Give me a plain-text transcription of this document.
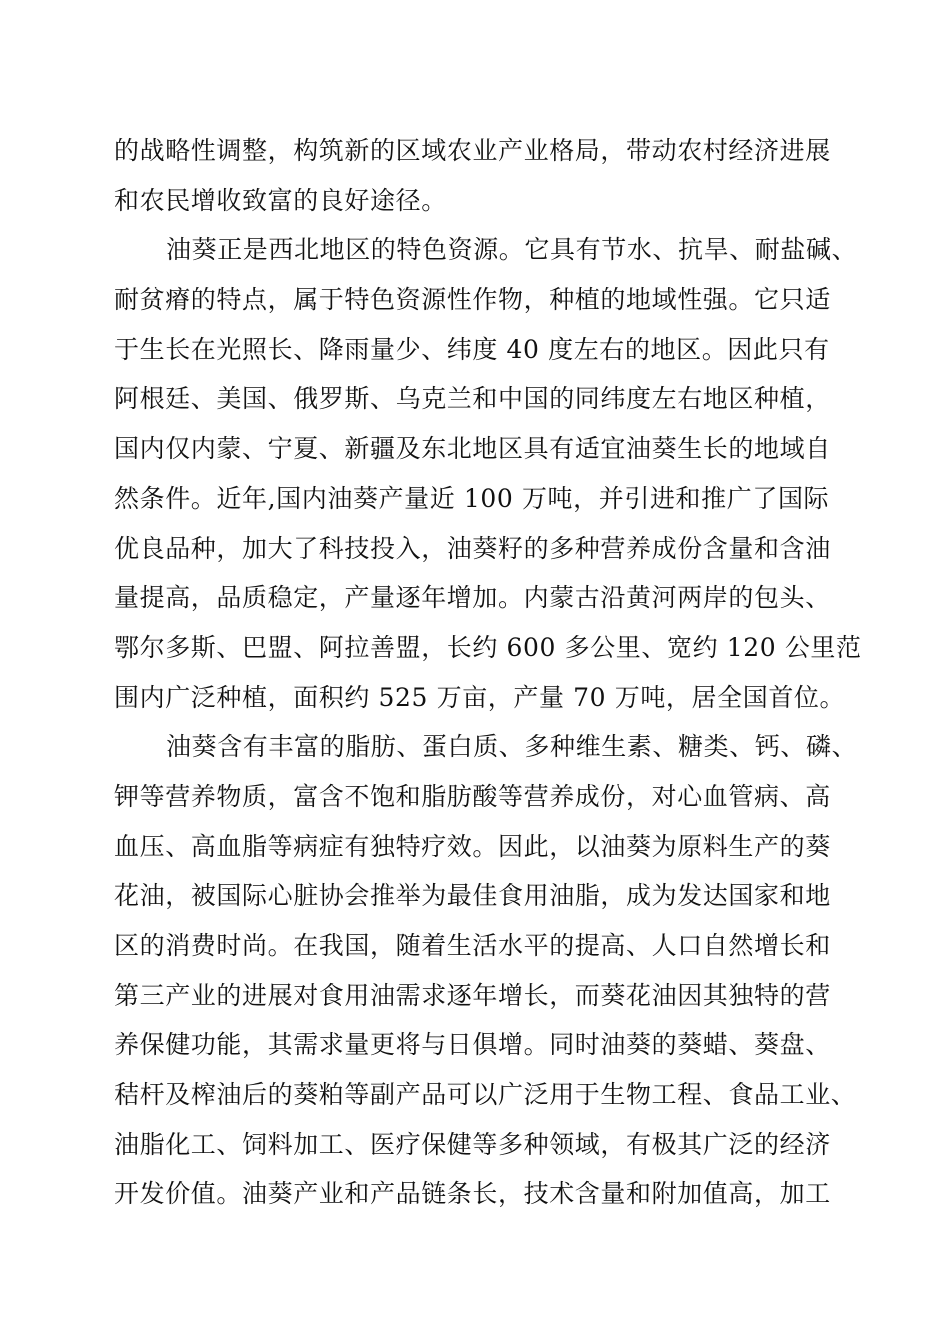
的战略性调整，构筑新的区域农业产业格局，带动农村经济进展
和农民增收致富的良好途径。
油葵正是西北地区的特色资源。它具有节水、抗旱、耐盐碱、
耐贫瘠的特点，属于特色资源性作物，种植的地域性强。它只适
于生长在光照长、降雨量少、纬度 40 度左右的地区。因此只有
阿根廷、美国、俄罗斯、乌克兰和中国的同纬度左右地区种植，
国内仅内蒙、宁夏、新疆及东北地区具有适宜油葵生长的地域自
然条件。近年,国内油葵产量近 100 万吨，并引进和推广了国际
优良品种，加大了科技投入，油葵籽的多种营养成份含量和含油
量提高，品质稳定，产量逐年增加。内蒙古沿黄河两岸的包头、
鄂尔多斯、巴盟、阿拉善盟，长约 600 多公里、宽约 120 公里范
围内广泛种植，面积约 525 万亩，产量 70 万吨，居全国首位。
油葵含有丰富的脂肪、蛋白质、多种维生素、糖类、钙、磷、
钾等营养物质，富含不饱和脂肪酸等营养成份，对心血管病、高
血压、高血脂等病症有独特疗效。因此，以油葵为原料生产的葵
花油，被国际心脏协会推举为最佳食用油脂，成为发达国家和地
区的消费时尚。在我国，随着生活水平的提高、人口自然增长和
第三产业的进展对食用油需求逐年增长，而葵花油因其独特的营
养保健功能，其需求量更将与日俱增。同时油葵的葵蜡、葵盘、
秸杆及榨油后的葵粕等副产品可以广泛用于生物工程、食品工业、
油脂化工、饲料加工、医疗保健等多种领域，有极其广泛的经济
开发价值。油葵产业和产品链条长，技术含量和附加值高，加工
